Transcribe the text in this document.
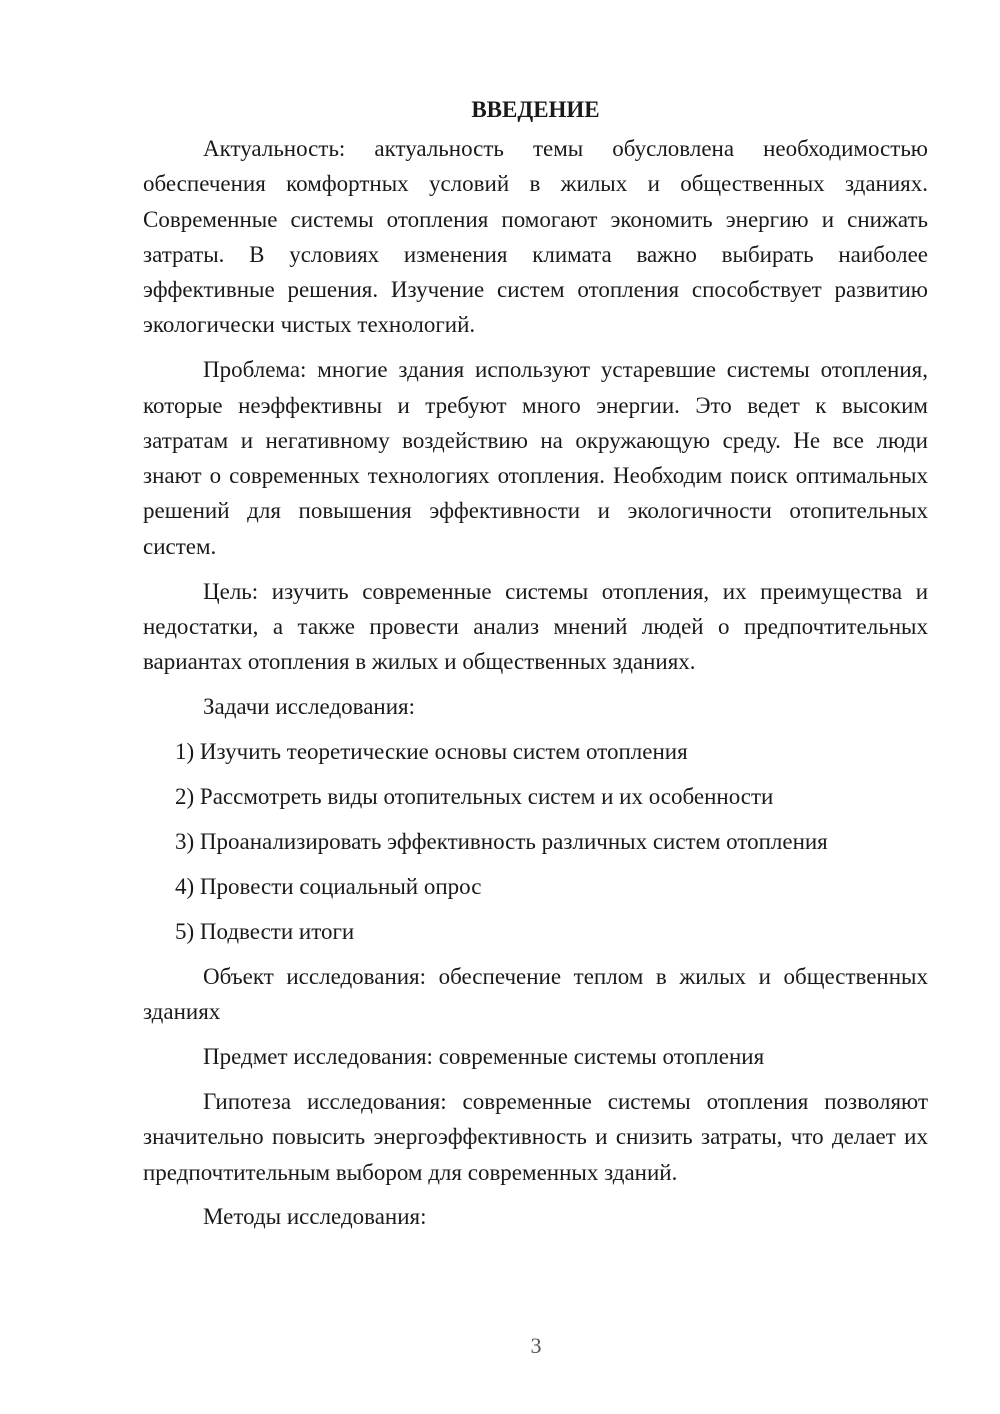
ВВЕДЕНИЕ

Актуальность: актуальность темы обусловлена необходимостью обеспечения комфортных условий в жилых и общественных зданиях. Современные системы отопления помогают экономить энергию и снижать затраты. В условиях изменения климата важно выбирать наиболее эффективные решения. Изучение систем отопления способствует развитию экологически чистых технологий.

Проблема: многие здания используют устаревшие системы отопления, которые неэффективны и требуют много энергии. Это ведет к высоким затратам и негативному воздействию на окружающую среду. Не все люди знают о современных технологиях отопления. Необходим поиск оптимальных решений для повышения эффективности и экологичности отопительных систем.

Цель: изучить современные системы отопления, их преимущества и недостатки, а также провести анализ мнений людей о предпочтительных вариантах отопления в жилых и общественных зданиях.

Задачи исследования:

1) Изучить теоретические основы систем отопления
2) Рассмотреть виды отопительных систем и их особенности
3) Проанализировать эффективность различных систем отопления
4) Провести социальный опрос
5) Подвести итоги

Объект исследования: обеспечение теплом в жилых и общественных зданиях

Предмет исследования: современные системы отопления

Гипотеза исследования: современные системы отопления позволяют значительно повысить энергоэффективность и снизить затраты, что делает их предпочтительным выбором для современных зданий.

Методы исследования:

3
